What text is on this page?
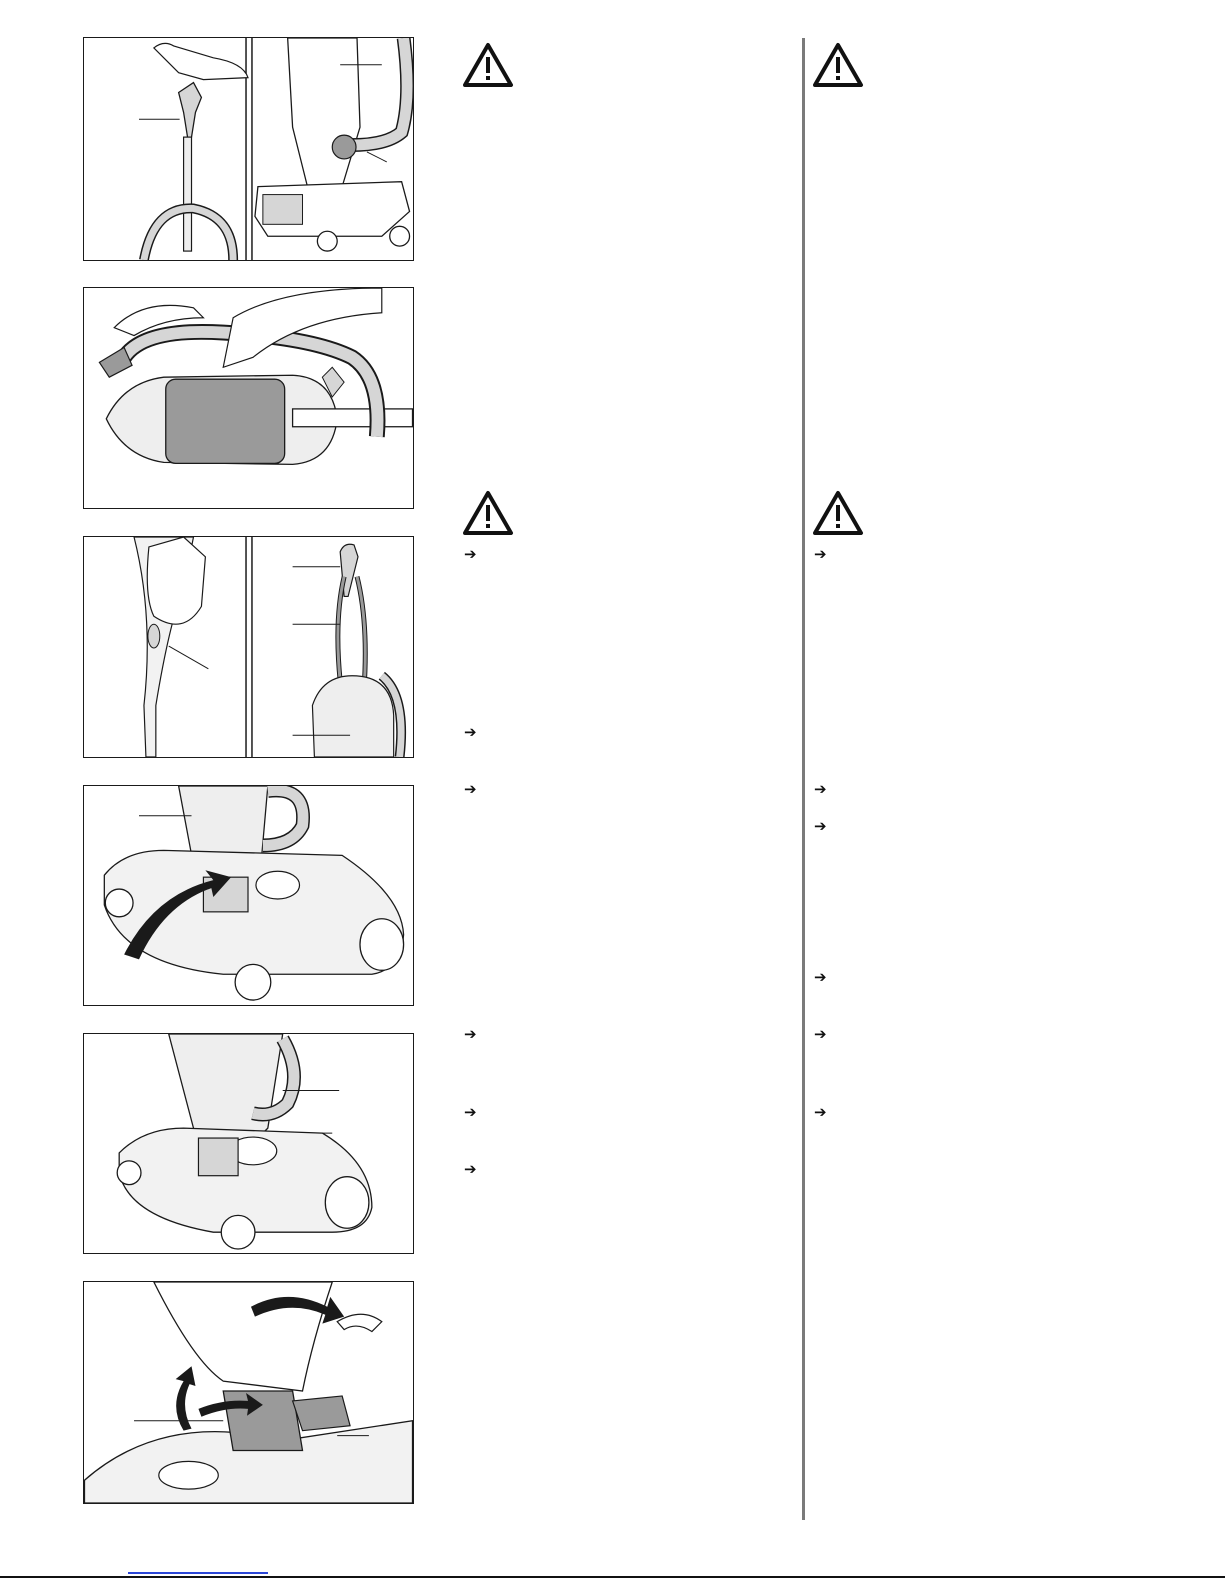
➔
➔
➔
➔
➔
➔
➔
➔
➔
➔
➔
➔
